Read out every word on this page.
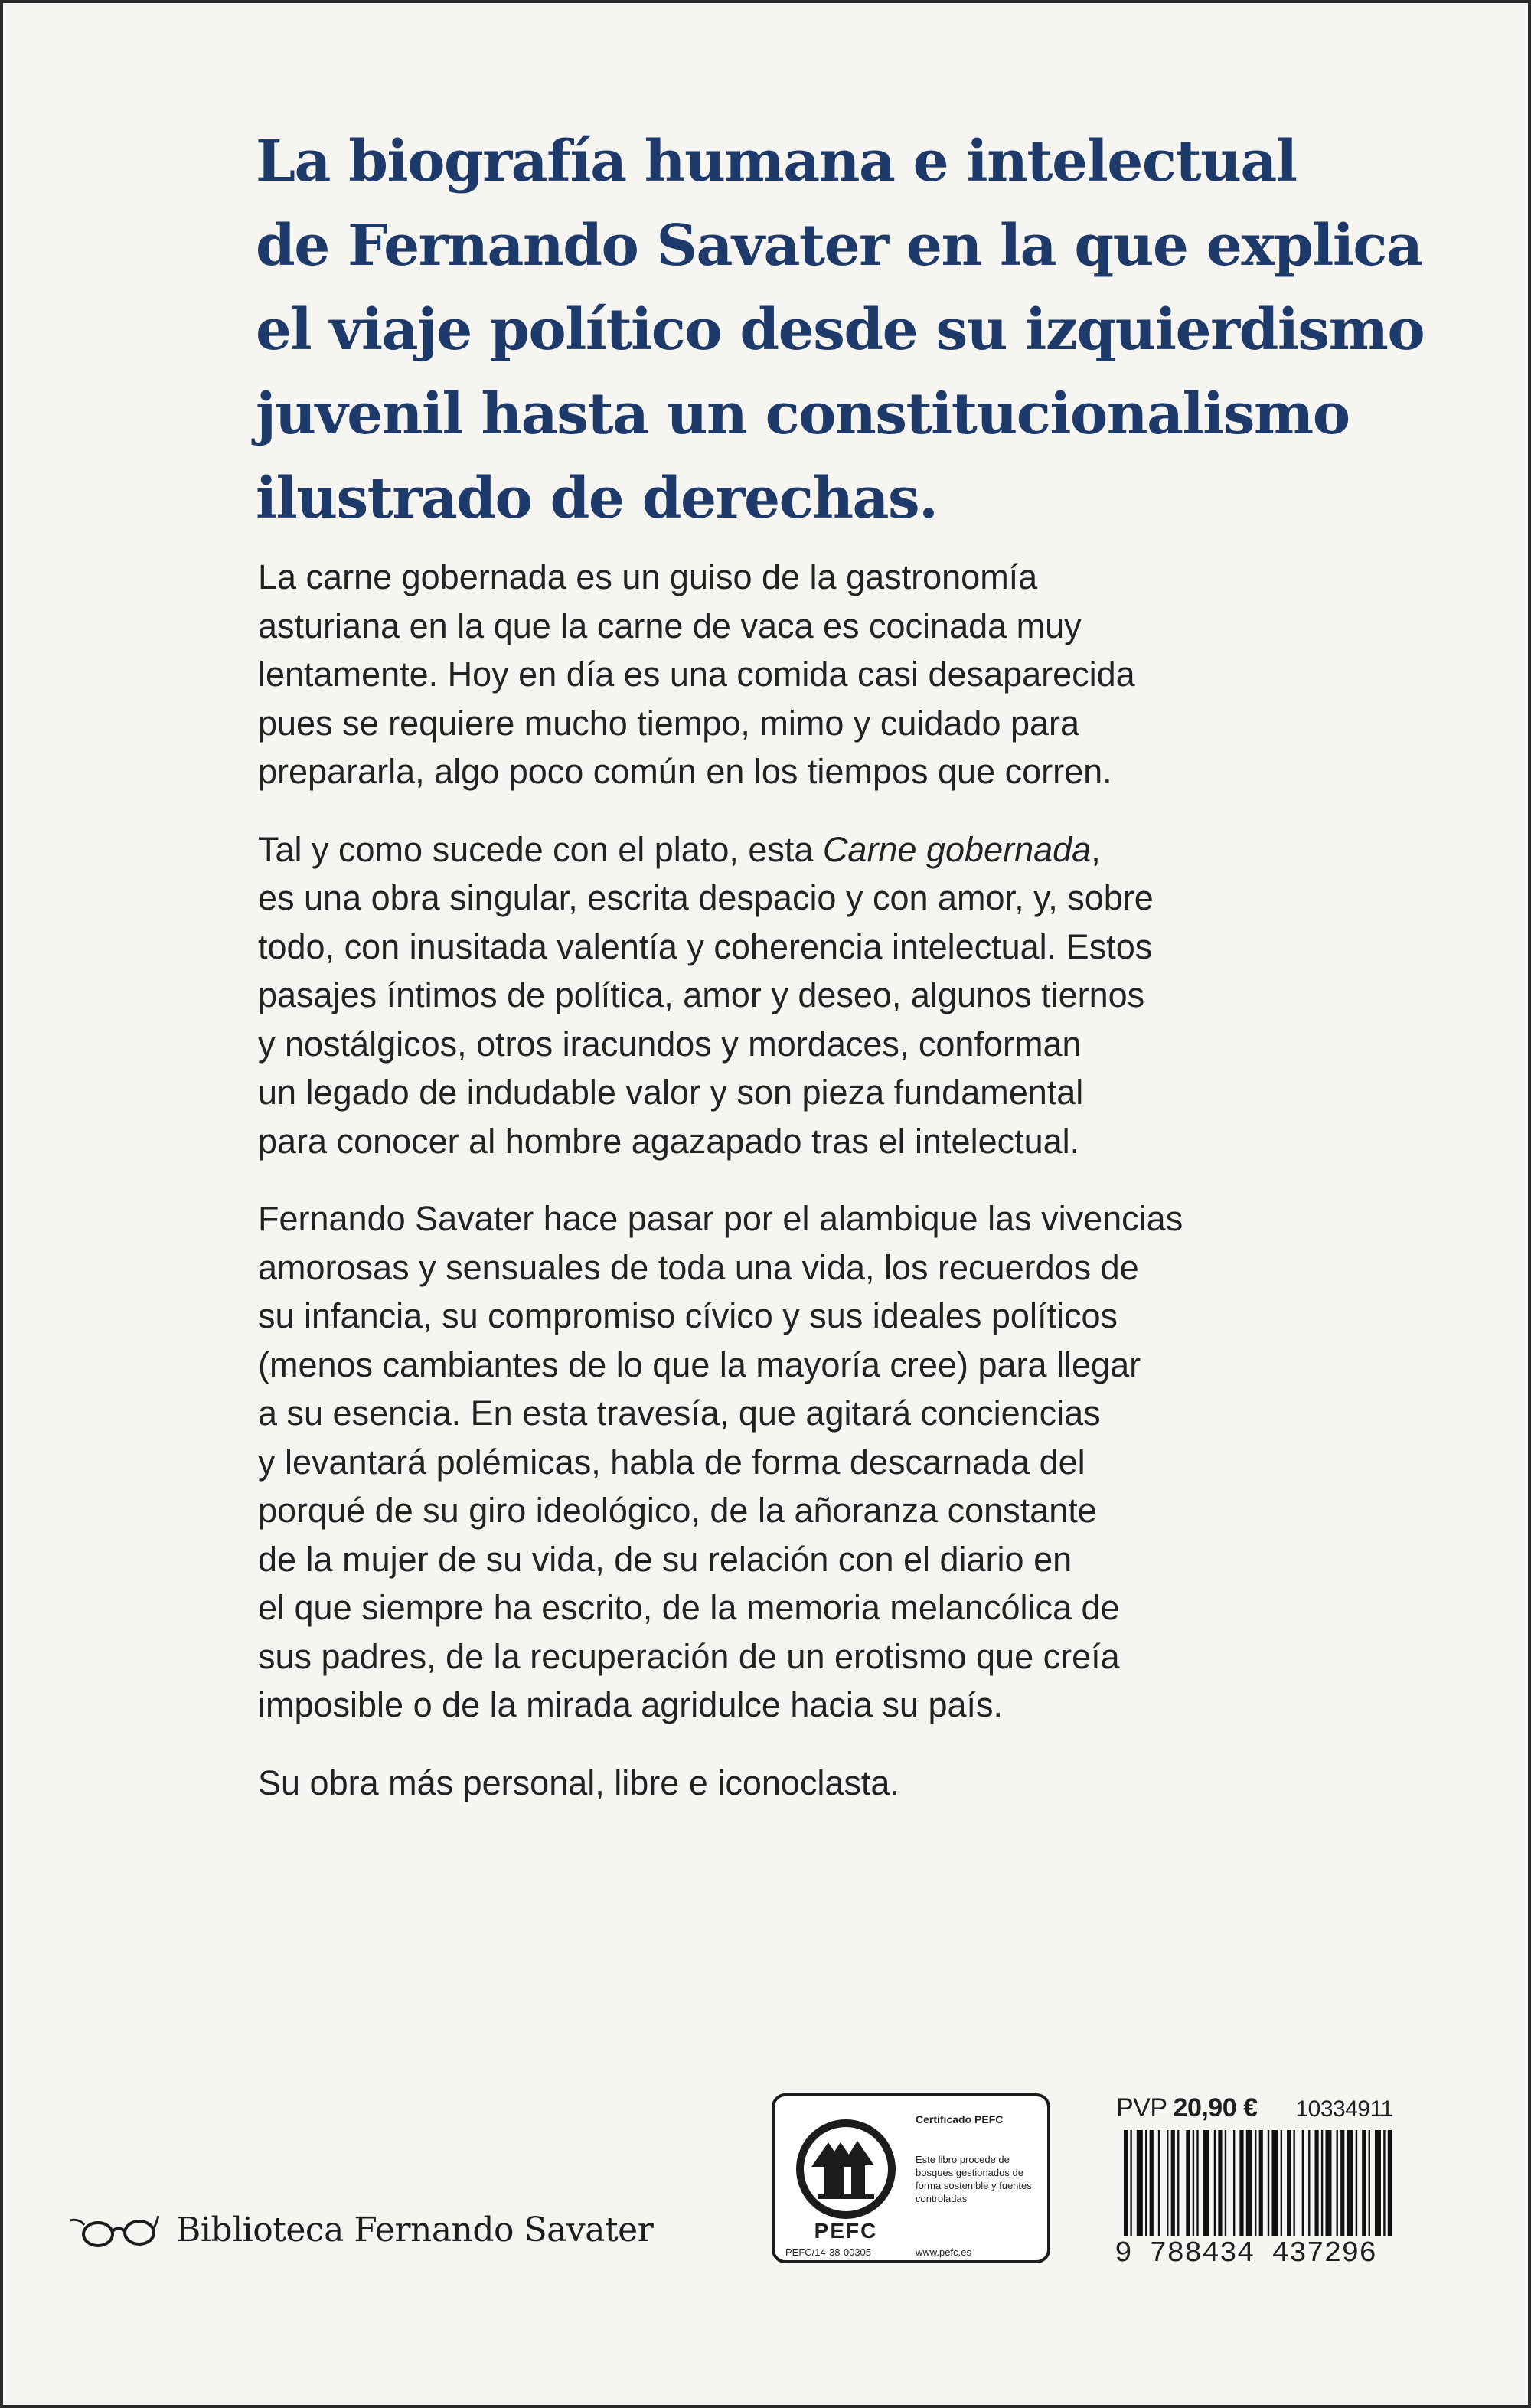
La biografía humana e intelectual
de Fernando Savater en la que explica
el viaje político desde su izquierdismo
juvenil hasta un constitucionalismo
ilustrado de derechas.

La carne gobernada es un guiso de la gastronomía
asturiana en la que la carne de vaca es cocinada muy
lentamente. Hoy en día es una comida casi desaparecida
pues se requiere mucho tiempo, mimo y cuidado para
prepararla, algo poco común en los tiempos que corren.

Tal y como sucede con el plato, esta Carne gobernada,
es una obra singular, escrita despacio y con amor, y, sobre
todo, con inusitada valentía y coherencia intelectual. Estos
pasajes íntimos de política, amor y deseo, algunos tiernos
y nostálgicos, otros iracundos y mordaces, conforman
un legado de indudable valor y son pieza fundamental
para conocer al hombre agazapado tras el intelectual.

Fernando Savater hace pasar por el alambique las vivencias
amorosas y sensuales de toda una vida, los recuerdos de
su infancia, su compromiso cívico y sus ideales políticos
(menos cambiantes de lo que la mayoría cree) para llegar
a su esencia. En esta travesía, que agitará conciencias
y levantará polémicas, habla de forma descarnada del
porqué de su giro ideológico, de la añoranza constante
de la mujer de su vida, de su relación con el diario en
el que siempre ha escrito, de la memoria melancólica de
sus padres, de la recuperación de un erotismo que creía
imposible o de la mirada agridulce hacia su país.

Su obra más personal, libre e iconoclasta.

Biblioteca Fernando Savater	PEFC
PEFC/14-38-00305
Certificado PEFC
Este libro procede de bosques gestionados de forma sostenible y fuentes controladas
www.pefc.es
PVP 20,90 € 10334911
9 788434 437296
